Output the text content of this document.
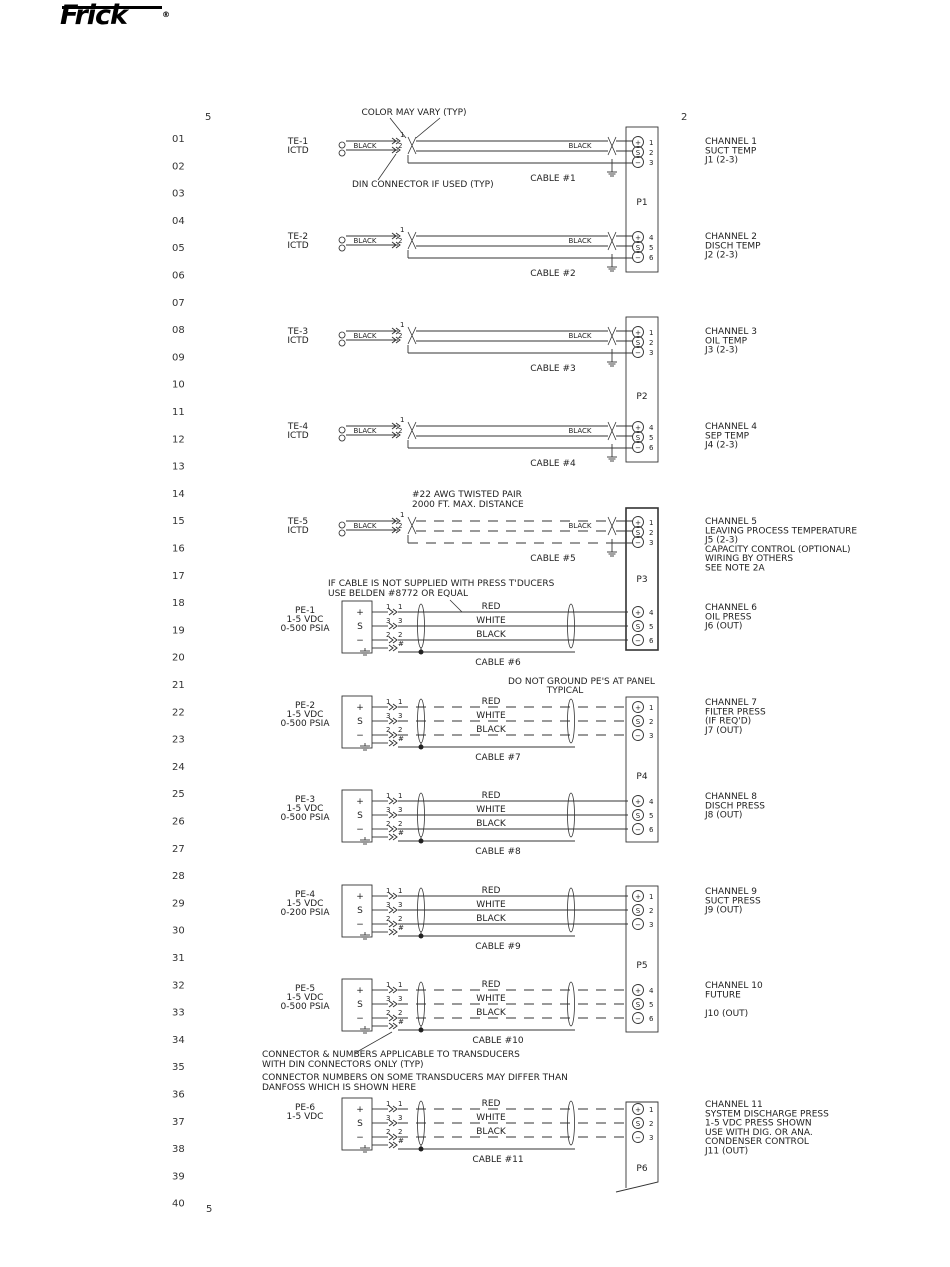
Frick	®
5	2
5
01
02
03
04
05
06
07
08
09
10
11
12
13
14
15
16
17
18
19
20
21
22
23
24
25
26
27
28
29
30
31
32
33
34
35
36
37
38
39
40
P1
P2
P3
P4
P5
P6
TE-1
ICTD	BLACK
1
2	BLACK	+ 1
S 2
− 3
CABLE #1
CHANNEL 1
SUCT TEMP
J1 (2-3)
TE-2
ICTD	BLACK
1
2	BLACK	+ 4
S 5
− 6
CABLE #2
CHANNEL 2
DISCH TEMP
J2 (2-3)
TE-3
ICTD	BLACK
1
2	BLACK	+ 1
S 2
− 3
CABLE #3
CHANNEL 3
OIL TEMP
J3 (2-3)
TE-4
ICTD	BLACK
1
2	BLACK	+ 4
S 5
− 6
CABLE #4
CHANNEL 4
SEP TEMP
J4 (2-3)
TE-5
ICTD	BLACK
1
2	BLACK	+ 1
S 2
− 3
CABLE #5
CHANNEL 5
LEAVING PROCESS TEMPERATURE
J5 (2-3)
CAPACITY CONTROL (OPTIONAL)
WIRING BY OTHERS
SEE NOTE 2A
COLOR MAY VARY (TYP)
DIN CONNECTOR IF USED (TYP)
#22 AWG TWISTED PAIR
2000 FT. MAX. DISTANCE
IF CABLE IS NOT SUPPLIED WITH PRESS T'DUCERS
USE BELDEN #8772 OR EQUAL
DO NOT GROUND PE'S AT PANEL
TYPICAL
CONNECTOR & NUMBERS APPLICABLE TO TRANSDUCERS
WITH DIN CONNECTORS ONLY (TYP)
CONNECTOR NUMBERS ON SOME TRANSDUCERS MAY DIFFER THAN
DANFOSS WHICH IS SHOWN HERE
PE-1
1-5 VDC
0-500 PSIA
+
S
−
1 1
3 3
2 2
#
RED
WHITE
BLACK
CABLE #6
+ 4
S 5
− 6
CHANNEL 6
OIL PRESS
J6 (OUT)
PE-2
1-5 VDC
0-500 PSIA
+
S
−
1 1
3 3
2 2
#
RED
WHITE
BLACK
CABLE #7
+ 1
S 2
− 3
CHANNEL 7
FILTER PRESS
(IF REQ'D)
J7 (OUT)
PE-3
1-5 VDC
0-500 PSIA
+
S
−
1 1
3 3
2 2
#
RED
WHITE
BLACK
CABLE #8
+ 4
S 5
− 6
CHANNEL 8
DISCH PRESS
J8 (OUT)
PE-4
1-5 VDC
0-200 PSIA
+
S
−
1 1
3 3
2 2
#
RED
WHITE
BLACK
CABLE #9
+ 1
S 2
− 3
CHANNEL 9
SUCT PRESS
J9 (OUT)
PE-5
1-5 VDC
0-500 PSIA
+
S
−
1 1
3 3
2 2
#
RED
WHITE
BLACK
CABLE #10
+ 4
S 5
− 6
CHANNEL 10
FUTURE
J10 (OUT)
PE-6
1-5 VDC
+
S
−
1 1
3 3
2 2
#
RED
WHITE
BLACK
CABLE #11
+ 1
S 2
− 3
CHANNEL 11
SYSTEM DISCHARGE PRESS
1-5 VDC PRESS SHOWN
USE WITH DIG. OR ANA.
CONDENSER CONTROL
J11 (OUT)
